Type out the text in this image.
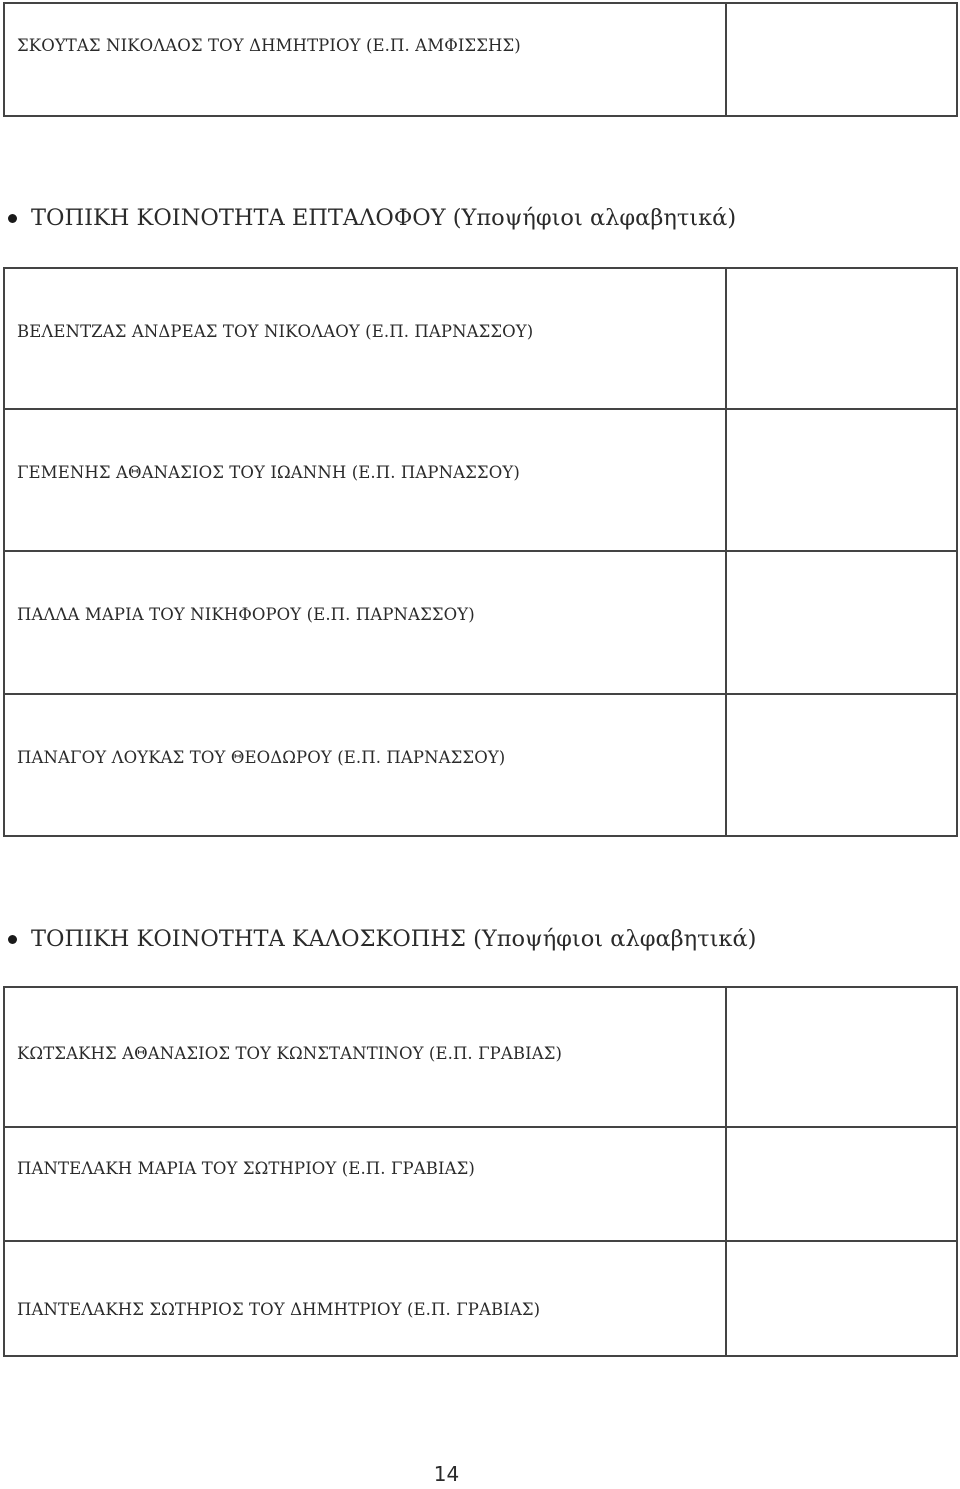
ΣΚΟΥΤΑΣ ΝΙΚΟΛΑΟΣ ΤΟΥ ΔΗΜΗΤΡΙΟΥ (Ε.Π. ΑΜΦΙΣΣΗΣ)

ΤΟΠΙΚΗ ΚΟΙΝΟΤΗΤΑ ΕΠΤΑΛΟΦΟΥ (Υποψήφιοι αλφαβητικά)
ΒΕΛΕΝΤΖΑΣ ΑΝΔΡΕΑΣ ΤΟΥ ΝΙΚΟΛΑΟΥ (Ε.Π. ΠΑΡΝΑΣΣΟΥ)	

ΓΕΜΕΝΗΣ ΑΘΑΝΑΣΙΟΣ ΤΟΥ ΙΩΑΝΝΗ (Ε.Π. ΠΑΡΝΑΣΣΟΥ)	

ΠΑΛΛΑ ΜΑΡΙΑ ΤΟΥ ΝΙΚΗΦΟΡΟΥ (Ε.Π. ΠΑΡΝΑΣΣΟΥ)	

ΠΑΝΑΓΟΥ ΛΟΥΚΑΣ ΤΟΥ ΘΕΟΔΩΡΟΥ (Ε.Π. ΠΑΡΝΑΣΣΟΥ)	

ΤΟΠΙΚΗ ΚΟΙΝΟΤΗΤΑ ΚΑΛΟΣΚΟΠΗΣ (Υποψήφιοι αλφαβητικά)
ΚΩΤΣΑΚΗΣ ΑΘΑΝΑΣΙΟΣ ΤΟΥ ΚΩΝΣΤΑΝΤΙΝΟΥ (Ε.Π. ΓΡΑΒΙΑΣ)	

ΠΑΝΤΕΛΑΚΗ ΜΑΡΙΑ ΤΟΥ ΣΩΤΗΡΙΟΥ (Ε.Π. ΓΡΑΒΙΑΣ)	

ΠΑΝΤΕΛΑΚΗΣ ΣΩΤΗΡΙΟΣ ΤΟΥ ΔΗΜΗΤΡΙΟΥ (Ε.Π. ΓΡΑΒΙΑΣ)	

14
